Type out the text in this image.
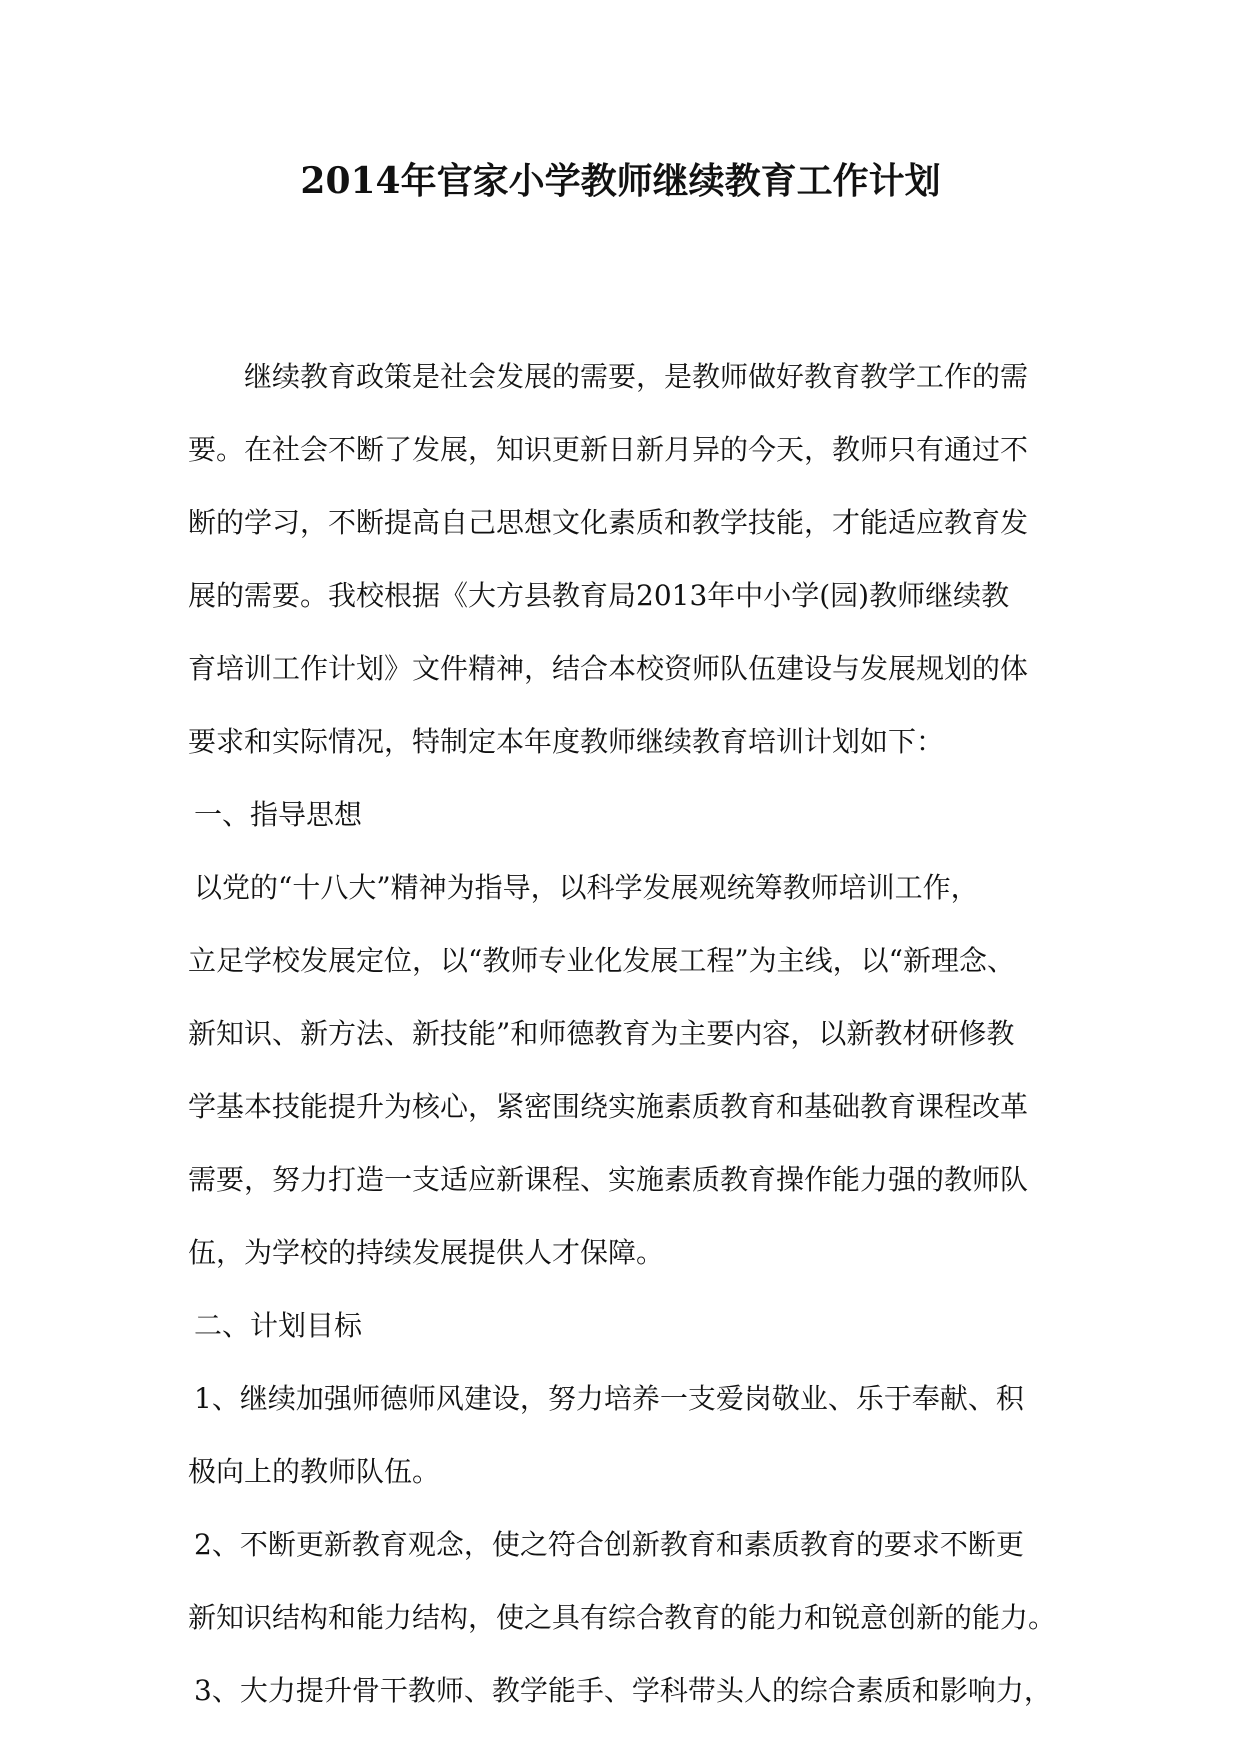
2014年官家小学教师继续教育工作计划
继续教育政策是社会发展的需要，是教师做好教育教学工作的需
要。在社会不断了发展，知识更新日新月异的今天，教师只有通过不
断的学习，不断提高自己思想文化素质和教学技能，才能适应教育发
展的需要。我校根据《大方县教育局2013年中小学(园)教师继续教
育培训工作计划》文件精神，结合本校资师队伍建设与发展规划的体
要求和实际情况，特制定本年度教师继续教育培训计划如下：
一、指导思想
以党的“十八大”精神为指导，以科学发展观统筹教师培训工作，
立足学校发展定位，以“教师专业化发展工程”为主线，以“新理念、
新知识、新方法、新技能”和师德教育为主要内容，以新教材研修教
学基本技能提升为核心，紧密围绕实施素质教育和基础教育课程改革
需要，努力打造一支适应新课程、实施素质教育操作能力强的教师队
伍，为学校的持续发展提供人才保障。
二、计划目标
1、继续加强师德师风建设，努力培养一支爱岗敬业、乐于奉献、积
极向上的教师队伍。
2、不断更新教育观念，使之符合创新教育和素质教育的要求不断更
新知识结构和能力结构，使之具有综合教育的能力和锐意创新的能力。
3、大力提升骨干教师、教学能手、学科带头人的综合素质和影响力，
